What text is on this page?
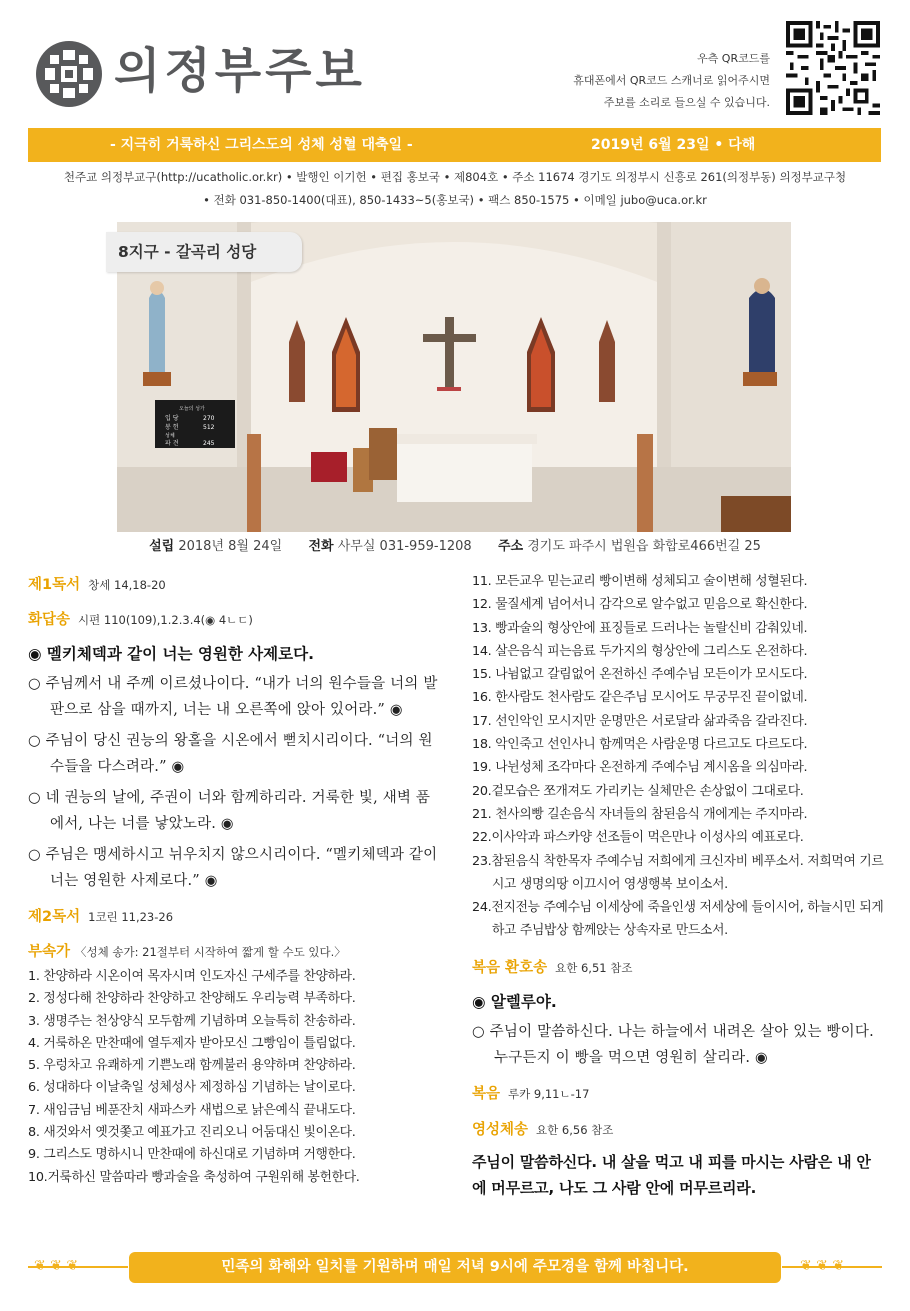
의정부주보	우측 QR코드를
휴대폰에서 QR코드 스캐너로 읽어주시면
주보를 소리로 들으실 수 있습니다.
- 지극히 거룩하신 그리스도의 성체 성혈 대축일 -	2019년 6월 23일 • 다해
천주교 의정부교구(http://ucatholic.or.kr) • 발행인 이기헌 • 편집 홍보국 • 제804호 • 주소 11674 경기도 의정부시 신흥로 261(의정부동) 의정부교구청
• 전화 031-850-1400(대표), 850-1433~5(홍보국) • 팩스 850-1575 • 이메일 jubo@uca.or.kr
오늘의 성가
입 당	270
봉 헌	512
성체
파 견	245
8지구 - 갈곡리 성당
설립 2018년 8월 24일 전화 사무실 031-959-1208 주소 경기도 파주시 법원읍 화합로466번길 25
제1독서 창세 14,18-20
화답송 시편 110(109),1.2.3.4(◉ 4ㄴㄷ)
◉ 멜키체덱과 같이 너는 영원한 사제로다.
○ 주님께서 내 주께 이르셨나이다. “내가 너의 원수들을 너의 발판으로 삼을 때까지, 너는 내 오른쪽에 앉아 있어라.” ◉
○ 주님이 당신 권능의 왕홀을 시온에서 뻗치시리이다. “너의 원수들을 다스려라.” ◉
○ 네 권능의 날에, 주권이 너와 함께하리라. 거룩한 빛, 새벽 품에서, 나는 너를 낳았노라. ◉
○ 주님은 맹세하시고 뉘우치지 않으시리이다. “멜키체덱과 같이 너는 영원한 사제로다.” ◉
제2독서 1코린 11,23-26
부속가 〈성체 송가: 21절부터 시작하여 짧게 할 수도 있다.〉
1. 찬양하라 시온이여 목자시며 인도자신 구세주를 찬양하라.
2. 정성다해 찬양하라 찬양하고 찬양해도 우리능력 부족하다.
3. 생명주는 천상양식 모두함께 기념하며 오늘특히 찬송하라.
4. 거룩하온 만찬때에 열두제자 받아모신 그빵임이 틀림없다.
5. 우렁차고 유쾌하게 기쁜노래 함께불러 용약하며 찬양하라.
6. 성대하다 이날축일 성체성사 제정하심 기념하는 날이로다.
7. 새임금님 베푼잔치 새파스카 새법으로 낡은예식 끝내도다.
8. 새것와서 옛것쫓고 예표가고 진리오니 어둠대신 빛이온다.
9. 그리스도 명하시니 만찬때에 하신대로 기념하며 거행한다.
10.거룩하신 말씀따라 빵과술을 축성하여 구원위해 봉헌한다.
11. 모든교우 믿는교리 빵이변해 성체되고 술이변해 성혈된다.
12. 물질세계 넘어서니 감각으로 알수없고 믿음으로 확신한다.
13. 빵과술의 형상안에 표징들로 드러나는 놀랄신비 감춰있네.
14. 살은음식 피는음료 두가지의 형상안에 그리스도 온전하다.
15. 나뉨없고 갈림없어 온전하신 주예수님 모든이가 모시도다.
16. 한사람도 천사람도 같은주님 모시어도 무궁무진 끝이없네.
17. 선인악인 모시지만 운명만은 서로달라 삶과죽음 갈라진다.
18. 악인죽고 선인사니 함께먹은 사람운명 다르고도 다르도다.
19. 나뉜성체 조각마다 온전하게 주예수님 계시옴을 의심마라.
20.겉모습은 쪼개져도 가리키는 실체만은 손상없이 그대로다.
21. 천사의빵 길손음식 자녀들의 참된음식 개에게는 주지마라.
22.이사악과 파스카양 선조들이 먹은만나 이성사의 예표로다.
23.참된음식 착한목자 주예수님 저희에게 크신자비 베푸소서. 저희먹여 기르시고 생명의땅 이끄시어 영생행복 보이소서.
24.전지전능 주예수님 이세상에 죽을인생 저세상에 들이시어, 하늘시민 되게하고 주님밥상 함께앉는 상속자로 만드소서.
복음 환호송 요한 6,51 참조
◉ 알렐루야.
○ 주님이 말씀하신다. 나는 하늘에서 내려온 살아 있는 빵이다. 누구든지 이 빵을 먹으면 영원히 살리라. ◉
복음 루카 9,11ㄴ-17
영성체송 요한 6,56 참조
주님이 말씀하신다. 내 살을 먹고 내 피를 마시는 사람은 내 안에 머무르고, 나도 그 사람 안에 머무르리라.
❦ ❦ ❦	민족의 화해와 일치를 기원하며 매일 저녁 9시에 주모경을 함께 바칩니다.	❦ ❦ ❦
